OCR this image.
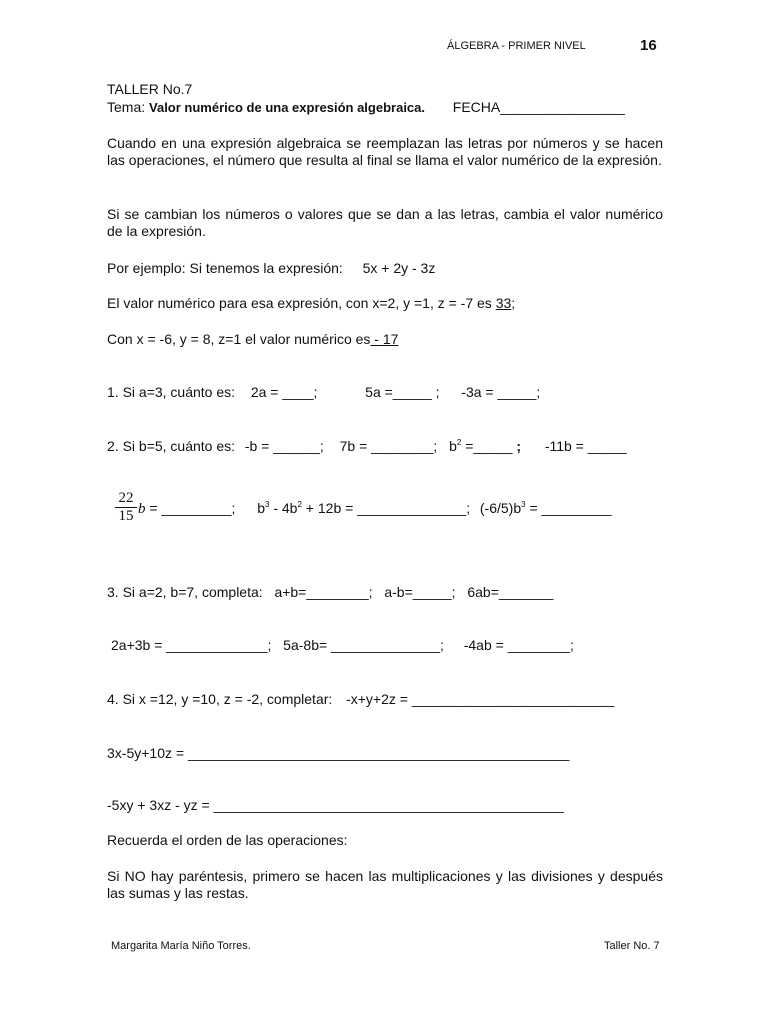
ÁLGEBRA - PRIMER NIVEL	16
TALLER No.7
Tema: Valor numérico de una expresión algebraica. FECHA________________
Cuando en una expresión algebraica se reemplazan las letras por números y se hacen las operaciones, el número que resulta al final se llama el valor numérico de la expresión.
Si se cambian los números o valores que se dan a las letras, cambia el valor numérico de la expresión.
Por ejemplo: Si tenemos la expresión: 5x + 2y - 3z
El valor numérico para esa expresión, con x=2, y =1, z = -7 es 33;
Con x = -6, y = 8, z=1 el valor numérico es - 17
1. Si a=3, cuánto es: 2a = ____;	5a =_____ ; -3a = _____;
2. Si b=5, cuánto es: -b = ______; 7b = ________; $b^2$ =_____ ; -11b = _____
22
15 b = _________; $b^3 - 4b^2 + 12b$ = ______________; $(-6/5)b^3$ = _________
3. Si a=2, b=7, completa: a+b=________; a-b=_____; 6ab=_______
2a+3b = _____________; 5a-8b= ______________; -4ab = ________;
4. Si x =12, y =10, z = -2, completar: -x+y+2z = __________________________
3x-5y+10z = _________________________________________________
-5xy + 3xz - yz = _____________________________________________
Recuerda el orden de las operaciones:
Si NO hay paréntesis, primero se hacen las multiplicaciones y las divisiones y después las sumas y las restas.
Margarita María Niño Torres.	Taller No. 7
